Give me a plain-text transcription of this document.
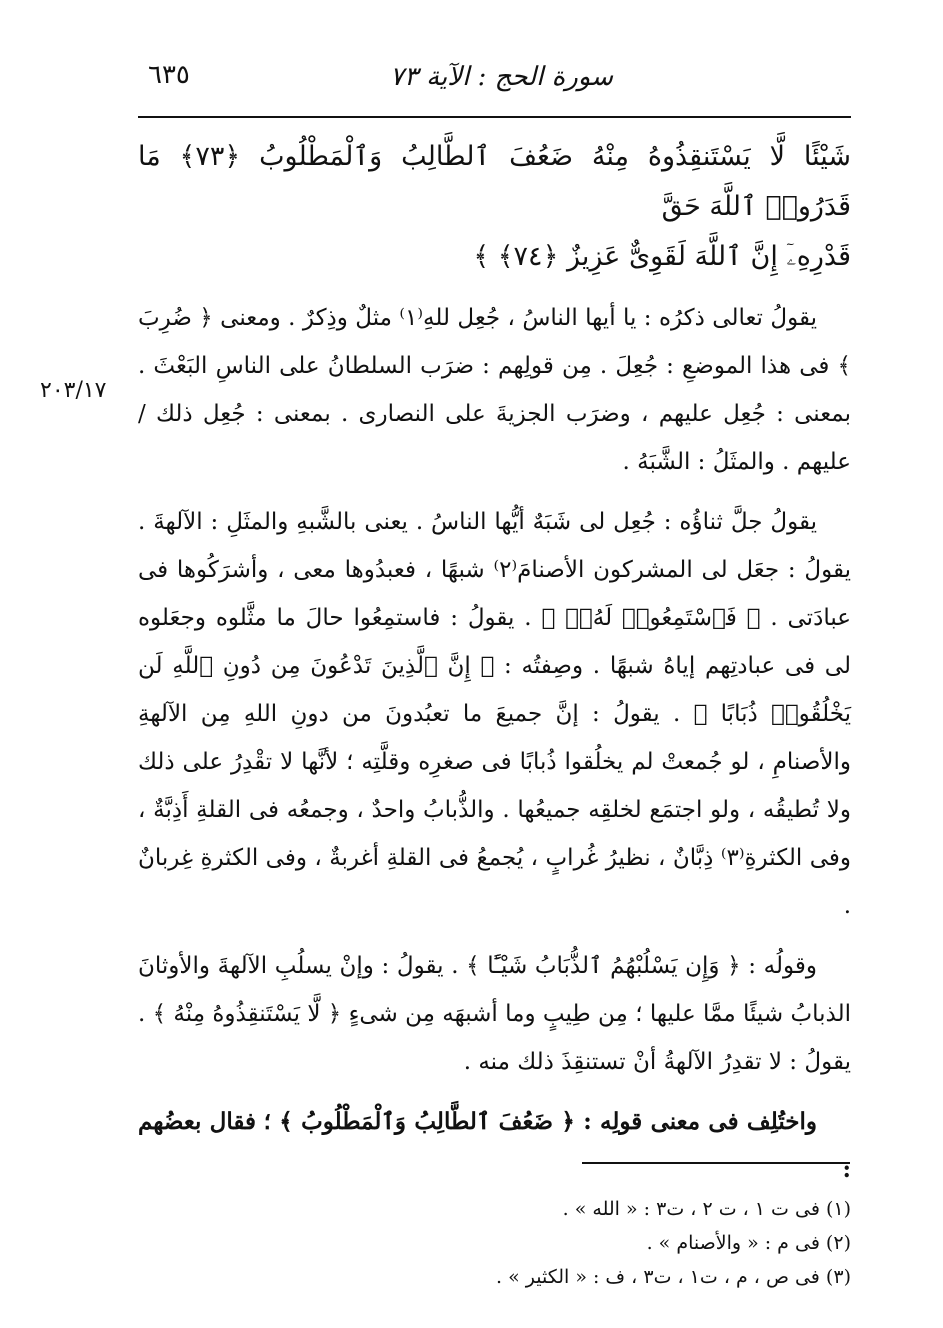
سورة الحج : الآية ٧٣
٦٣٥
٢٠٣/١٧

شَيْئًا لَّا يَسْتَنقِذُوهُ مِنْهُ ضَعُفَ ٱلطَّالِبُ وَٱلْمَطْلُوبُ ﴿٧٣﴾ مَا قَدَرُوا۟ ٱللَّهَ حَقَّ

قَدْرِهِۦٓ إِنَّ ٱللَّهَ لَقَوِىٌّ عَزِيزٌ ﴿٧٤﴾ ﴾

يقولُ تعالى ذكرُه : يا أيها الناسُ ، جُعِل للهِ⁽١⁾ مثلٌ وذِكرٌ . ومعنى ﴿ ضُرِبَ ﴾ فى هذا الموضعِ : جُعِلَ . مِن قولِهم : ضرَب السلطانُ على الناسِ البَعْثَ . بمعنى : جُعِل عليهم ، وضرَب الجزيةَ على النصارى . بمعنى : جُعِل ذلك / عليهم . والمثَلُ : الشَّبَهُ .

يقولُ جلَّ ثناؤُه : جُعِل لى شَبَهٌ أيُّها الناسُ . يعنى بالشَّبهِ والمثَلِ : الآلهةَ . يقولُ : جعَل لى المشركون الأصنامَ⁽٢⁾ شبهًا ، فعبدُوها معى ، وأشرَكُوها فى عبادَتى . ﴿ فَٱسْتَمِعُوا۟ لَهُۥٓ ﴾ . يقولُ : فاستمِعُوا حالَ ما مثَّلوه وجعَلوه لى فى عبادتِهم إياهُ شبهًا . وصِفتُه : ﴿ إِنَّ ٱلَّذِينَ تَدْعُونَ مِن دُونِ ٱللَّهِ لَن يَخْلُقُوا۟ ذُبَابًا ﴾ . يقولُ : إنَّ جميعَ ما تعبُدونَ من دونِ اللهِ مِن الآلهةِ والأصنامِ ، لو جُمعتْ لم يخلُقوا ذُبابًا فى صغرِه وقلَّتِه ؛ لأنَّها لا تقْدِرُ على ذلك ولا تُطيقُه ، ولو اجتمَع لخلقِه جميعُها . والذُّبابُ واحدٌ ، وجمعُه فى القلةِ أَذِبَّةٌ ، وفى الكثرةِ⁽٣⁾ ذِبَّانٌ ، نظيرُ غُرابٍ ، يُجمعُ فى القلةِ أغربةٌ ، وفى الكثرةِ غِربانٌ .

وقولُه : ﴿ وَإِن يَسْلُبْهُمُ ٱلذُّبَابُ شَيْـًٔا ﴾ . يقولُ : وإنْ يسلُبِ الآلهةَ والأوثانَ الذبابُ شيئًا ممَّا عليها ؛ مِن طِيبٍ وما أشبهَه مِن شىءٍ ﴿ لَّا يَسْتَنقِذُوهُ مِنْهُ ﴾ . يقولُ : لا تقدِرُ الآلهةُ أنْ تستنقِذَ ذلك منه .

واختُلِف فى معنى قولِه : ﴿ ضَعُفَ ٱلطَّالِبُ وَٱلْمَطْلُوبُ ﴾ ؛ فقال بعضُهم :

(١) فى ت ١ ، ت ٢ ، ت٣ : « الله » .
(٢) فى م : « والأصنام » .
(٣) فى ص ، م ، ت١ ، ت٣ ، ف : « الكثير » .
